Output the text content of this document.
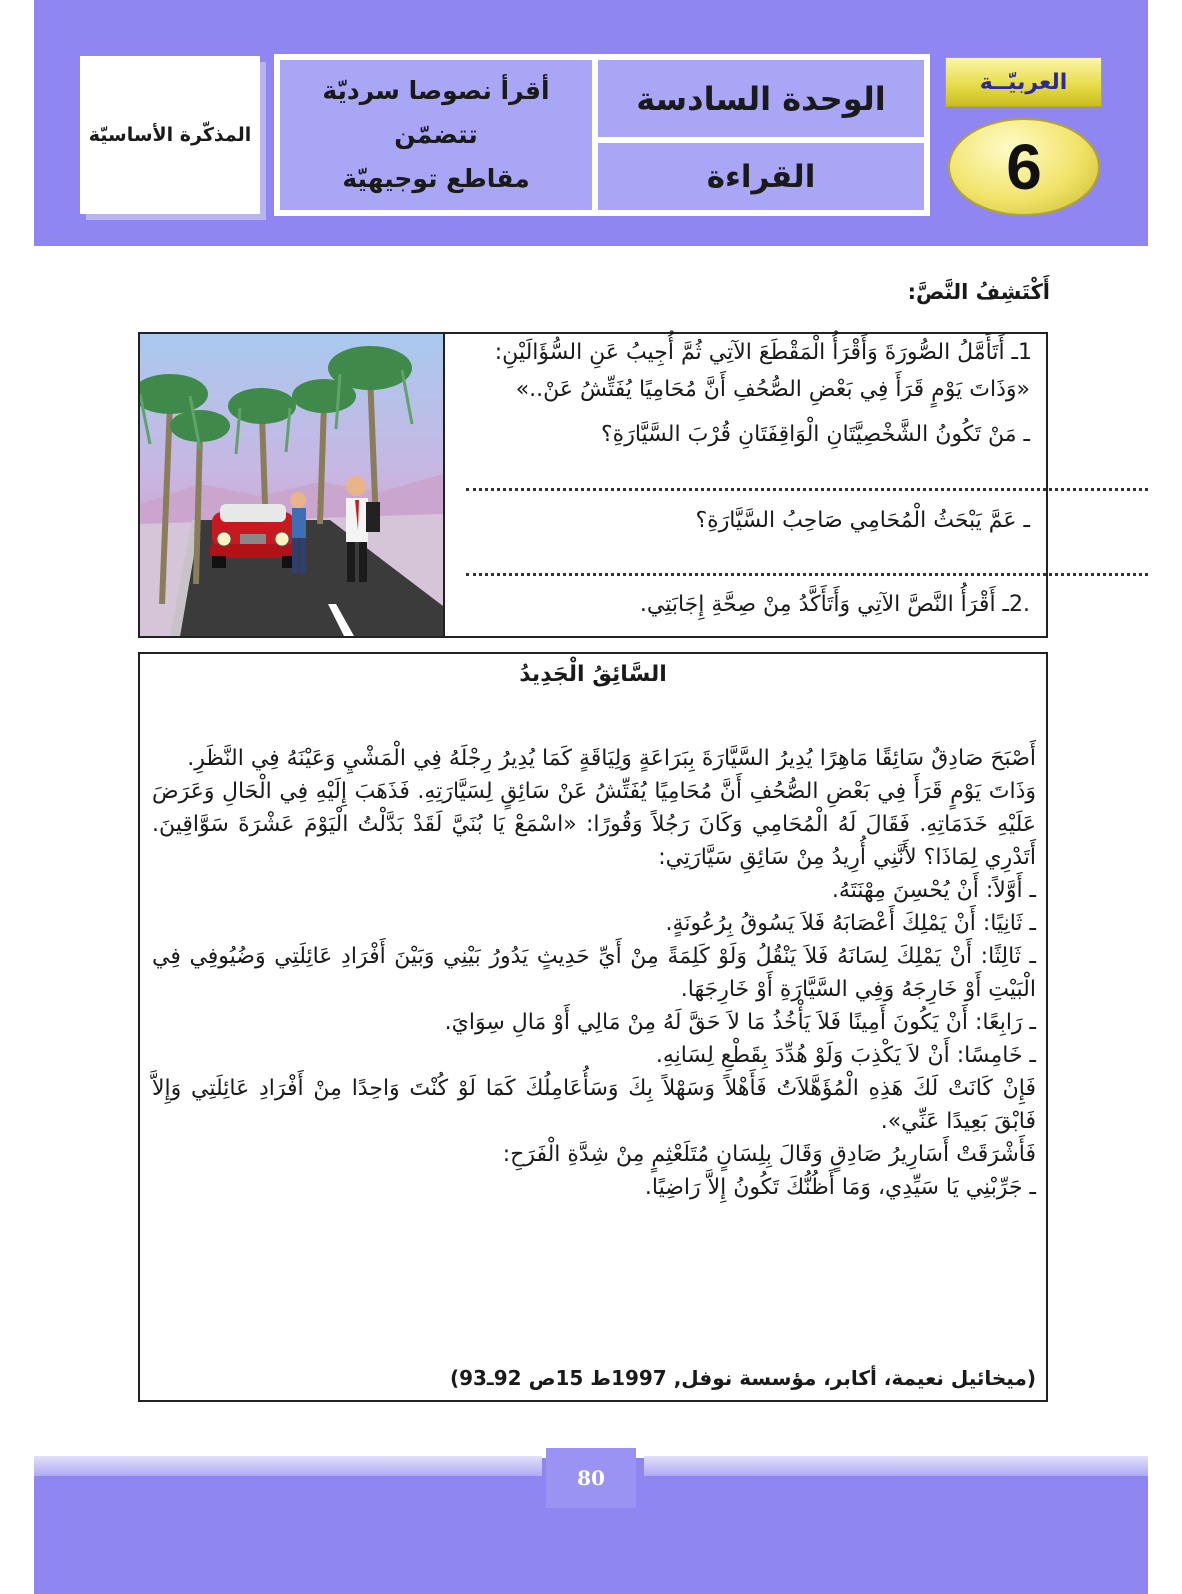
المذكّرة الأساسيّة
أقرأ نصوصا سرديّة تتضمّن
مقاطع توجيهيّة
الوحدة السادسة
القراءة
العربيّــة
6
أَكْتَشِفُ النَّصَّ:
1ـ أَتَأَمَّلُ الصُّورَةَ وَأَقْرَأُ الْمَقْطَعَ الآتِي ثُمَّ أُجِيبُ عَنِ السُّؤَالَيْنِ:
«وَذَاتَ يَوْمٍ قَرَأَ فِي بَعْضِ الصُّحُفِ أَنَّ مُحَامِيًا يُفَتِّشُ عَنْ..»
ـ مَنْ تَكُونُ الشَّخْصِيَّتَانِ الْوَاقِفَتَانِ قُرْبَ السَّيَّارَةِ؟
ـ عَمَّ يَبْحَثُ الْمُحَامِي صَاحِبُ السَّيَّارَةِ؟
.2ـ أَقْرَأُ النَّصَّ الآتِي وَأَتَأَكَّدُ مِنْ صِحَّةِ إِجَابَتِي.
السَّائِقُ الْجَدِيدُ

أَصْبَحَ صَادِقٌ سَائِقًا مَاهِرًا يُدِيرُ السَّيَّارَةَ بِبَرَاعَةٍ وَلِيَاقَةٍ كَمَا يُدِيرُ رِجْلَهُ فِي الْمَشْيِ وَعَيْنَهُ فِي النَّظَرِ.

وَذَاتَ يَوْمٍ قَرَأَ فِي بَعْضِ الصُّحُفِ أَنَّ مُحَامِيًا يُفَتِّشُ عَنْ سَائِقٍ لِسَيَّارَتِهِ. فَذَهَبَ إِلَيْهِ فِي الْحَالِ وَعَرَضَ عَلَيْهِ خَدَمَاتِهِ. فَقَالَ لَهُ الْمُحَامِي وَكَانَ رَجُلاً وَقُورًا: «اسْمَعْ يَا بُنَيَّ لَقَدْ بَدَّلْتُ الْيَوْمَ عَشْرَةَ سَوَّاقِينَ. أَتَدْرِي لِمَاذَا؟ لأَنَّنِي أُرِيدُ مِنْ سَائِقِ سَيَّارَتِي:

ـ أَوَّلاً: أَنْ يُحْسِنَ مِهْنَتَهُ.

ـ ثَانِيًا: أَنْ يَمْلِكَ أَعْصَابَهُ فَلاَ يَسُوقُ بِرُعُونَةٍ.

ـ ثَالِثًا: أَنْ يَمْلِكَ لِسَانَهُ فَلاَ يَنْقُلُ وَلَوْ كَلِمَةً مِنْ أَيِّ حَدِيثٍ يَدُورُ بَيْنِي وَبَيْنَ أَفْرَادِ عَائِلَتِي وَضُيُوفِي فِي الْبَيْتِ أَوْ خَارِجَهُ وَفِي السَّيَّارَةِ أَوْ خَارِجَهَا.

ـ رَابِعًا: أَنْ يَكُونَ أَمِينًا فَلاَ يَأْخُذُ مَا لاَ حَقَّ لَهُ مِنْ مَالِي أَوْ مَالِ سِوَايَ.

ـ خَامِسًا: أَنْ لاَ يَكْذِبَ وَلَوْ هُدِّدَ بِقَطْعِ لِسَانِهِ.

فَإِنْ كَانَتْ لَكَ هَذِهِ الْمُؤَهَّلاَتُ فَأَهْلاً وَسَهْلاً بِكَ وَسَأُعَامِلُكَ كَمَا لَوْ كُنْتَ وَاحِدًا مِنْ أَفْرَادِ عَائِلَتِي وَإِلاَّ فَابْقَ بَعِيدًا عَنِّي».

فَأَشْرَقَتْ أَسَارِيرُ صَادِقٍ وَقَالَ بِلِسَانٍ مُتَلَعْثِمٍ مِنْ شِدَّةِ الْفَرَحِ:

ـ جَرِّبْنِي يَا سَيِّدِي، وَمَا أَظُنُّكَ تَكُونُ إِلاَّ رَاضِيًا.

(ميخائيل نعيمة، أكابر، مؤسسة نوفل, 1997ط 15ص 92ـ93)
80
